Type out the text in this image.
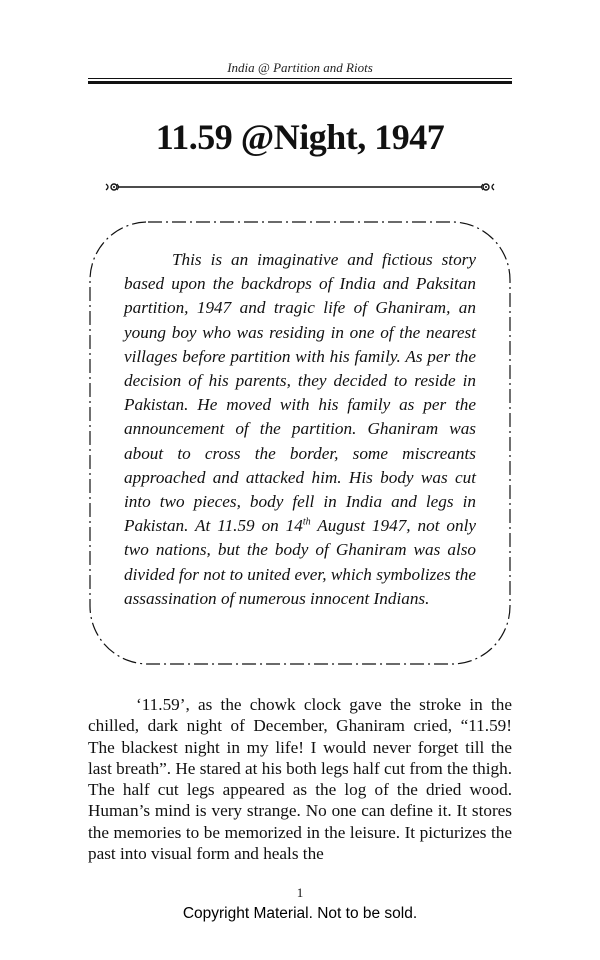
India @ Partition and Riots
11.59 @Night, 1947
This is an imaginative and fictious story based upon the backdrops of India and Paksitan partition, 1947 and tragic life of Ghaniram, an young boy who was residing in one of the nearest villages before partition with his family. As per the decision of his parents, they decided to reside in Pakistan. He moved with his family as per the announcement of the partition. Ghaniram was about to cross the border, some miscreants approached and attacked him. His body was cut into two pieces, body fell in India and legs in Pakistan. At 11.59 on 14th August 1947, not only two nations, but the body of Ghaniram was also divided for not to united ever, which symbolizes the assassination of numerous innocent Indians.
‘11.59’, as the chowk clock gave the stroke in the chilled, dark night of December, Ghaniram cried, “11.59! The blackest night in my life! I would never forget till the last breath”. He stared at his both legs half cut from the thigh. The half cut legs appeared as the log of the dried wood. Human’s mind is very strange. No one can define it. It stores the memories to be memorized in the leisure. It picturizes the past into visual form and heals the
1
Copyright Material. Not to be sold.
